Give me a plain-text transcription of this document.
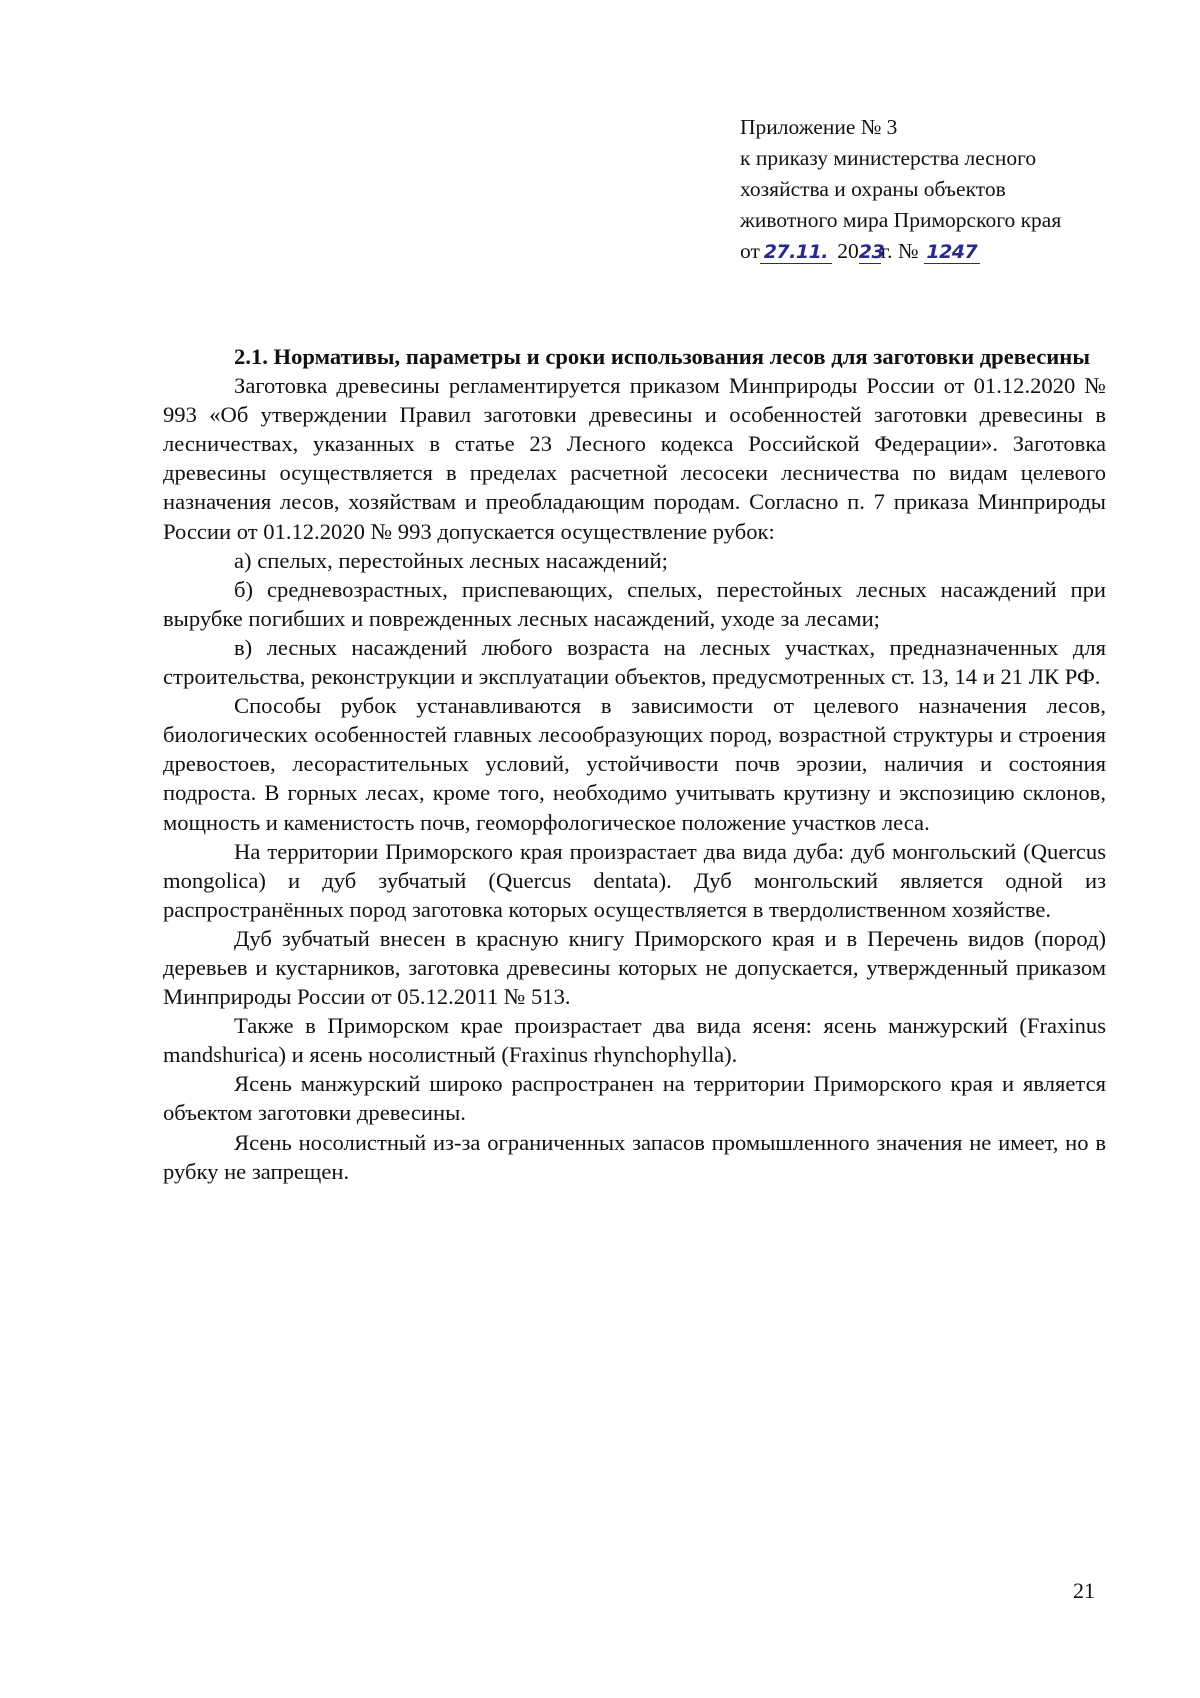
Приложение № 3
к приказу министерства лесного
хозяйства и охраны объектов
животного мира Приморского края
от 27.11. 2023г. № 1247

2.1. Нормативы, параметры и сроки использования лесов для заготовки древесины

Заготовка древесины регламентируется приказом Минприроды России от 01.12.2020 № 993 «Об утверждении Правил заготовки древесины и особенностей заготовки древесины в лесничествах, указанных в статье 23 Лесного кодекса Российской Федерации». Заготовка древесины осуществляется в пределах расчетной лесосеки лесничества по видам целевого назначения лесов, хозяйствам и преобладающим породам. Согласно п. 7 приказа Минприроды России от 01.12.2020 № 993 допускается осуществление рубок:

а) спелых, перестойных лесных насаждений;

б) средневозрастных, приспевающих, спелых, перестойных лесных насаждений при вырубке погибших и поврежденных лесных насаждений, уходе за лесами;

в) лесных насаждений любого возраста на лесных участках, предназначенных для строительства, реконструкции и эксплуатации объектов, предусмотренных ст. 13, 14 и 21 ЛК РФ.

Способы рубок устанавливаются в зависимости от целевого назначения лесов, биологических особенностей главных лесообразующих пород, возрастной структуры и строения древостоев, лесорастительных условий, устойчивости почв эрозии, наличия и состояния подроста. В горных лесах, кроме того, необходимо учитывать крутизну и экспозицию склонов, мощность и каменистость почв, геоморфологическое положение участков леса.

На территории Приморского края произрастает два вида дуба: дуб монгольский (Quercus mongolica) и дуб зубчатый (Quercus dentata). Дуб монгольский является одной из распространённых пород заготовка которых осуществляется в твердолиственном хозяйстве.

Дуб зубчатый внесен в красную книгу Приморского края и в Перечень видов (пород) деревьев и кустарников, заготовка древесины которых не допускается, утвержденный приказом Минприроды России от 05.12.2011 № 513.

Также в Приморском крае произрастает два вида ясеня: ясень манжурский (Fraxinus mandshurica) и ясень носолистный (Fraxinus rhynchophylla).

Ясень манжурский широко распространен на территории Приморского края и является объектом заготовки древесины.

Ясень носолистный из-за ограниченных запасов промышленного значения не имеет, но в рубку не запрещен.

21
